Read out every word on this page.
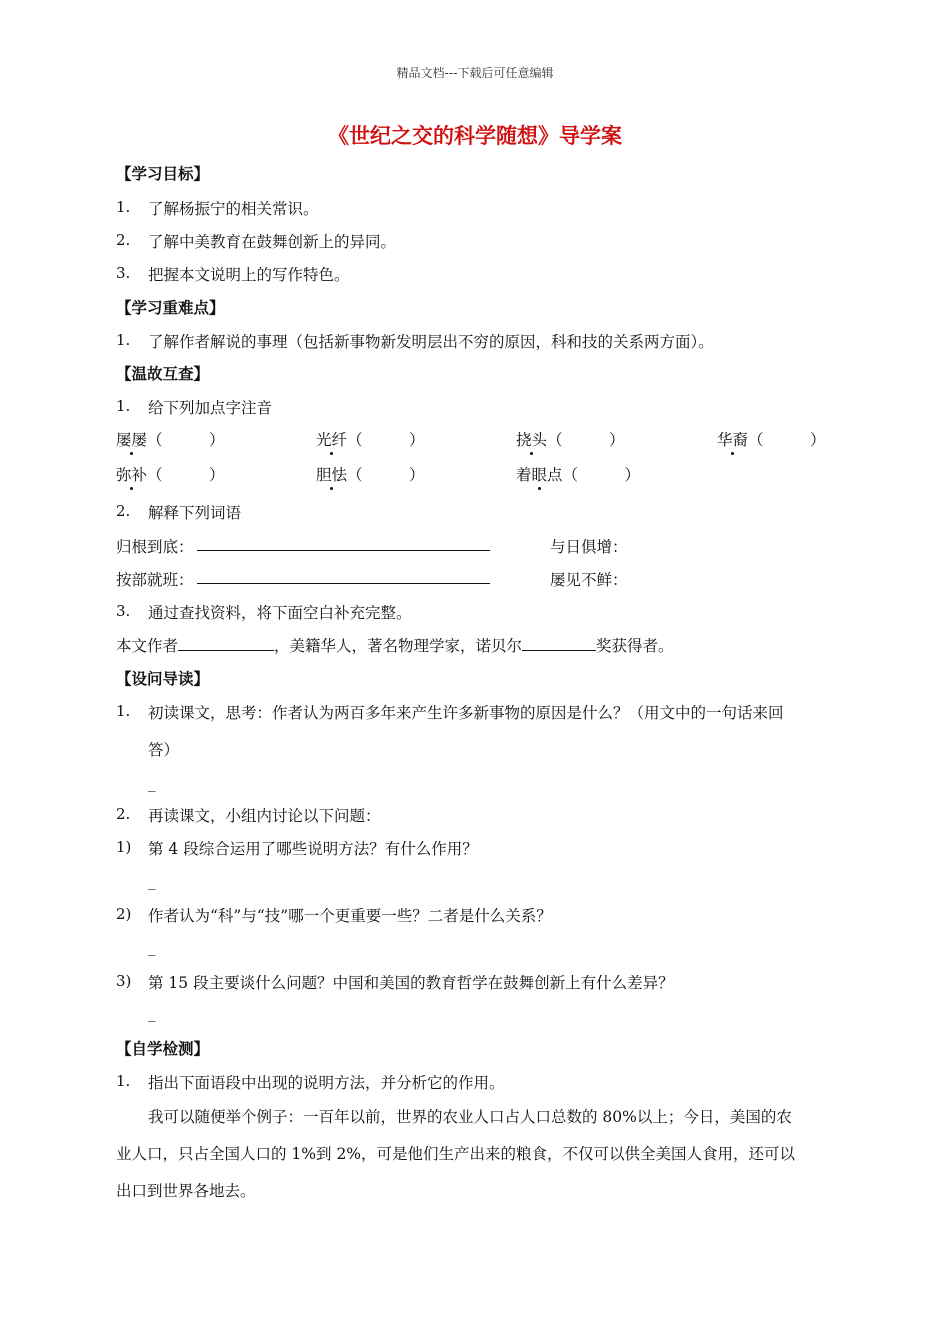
精品文档---下载后可任意编辑
《世纪之交的科学随想》导学案
【学习目标】
1. 了解杨振宁的相关常识。
2. 了解中美教育在鼓舞创新上的异同。
3. 把握本文说明上的写作特色。
【学习重难点】
1. 了解作者解说的事理（包括新事物新发明层出不穷的原因，科和技的关系两方面）。
【温故互查】
1. 给下列加点字注音
屡屡（　　　）	光纤（　　　）	挠头（　　　）	华裔（　　　）
弥补（　　　）	胆怯（　　　）	着眼点（　　　）
2. 解释下列词语
归根到底：	与日俱增：
按部就班：	屡见不鲜：
3. 通过查找资料，将下面空白补充完整。
本文作者	，美籍华人，著名物理学家，诺贝尔	奖获得者。
【设问导读】
1. 初读课文，思考：作者认为两百多年来产生许多新事物的原因是什么？（用文中的一句话来回
答）
_
2. 再读课文，小组内讨论以下问题：
1) 第 4 段综合运用了哪些说明方法？有什么作用？
_
2) 作者认为“科”与“技”哪一个更重要一些？二者是什么关系？
_
3) 第 15 段主要谈什么问题？中国和美国的教育哲学在鼓舞创新上有什么差异？
_
【自学检测】
1. 指出下面语段中出现的说明方法，并分析它的作用。
我可以随便举个例子：一百年以前，世界的农业人口占人口总数的 80%以上；今日，美国的农
业人口，只占全国人口的 1%到 2%，可是他们生产出来的粮食，不仅可以供全美国人食用，还可以
出口到世界各地去。
